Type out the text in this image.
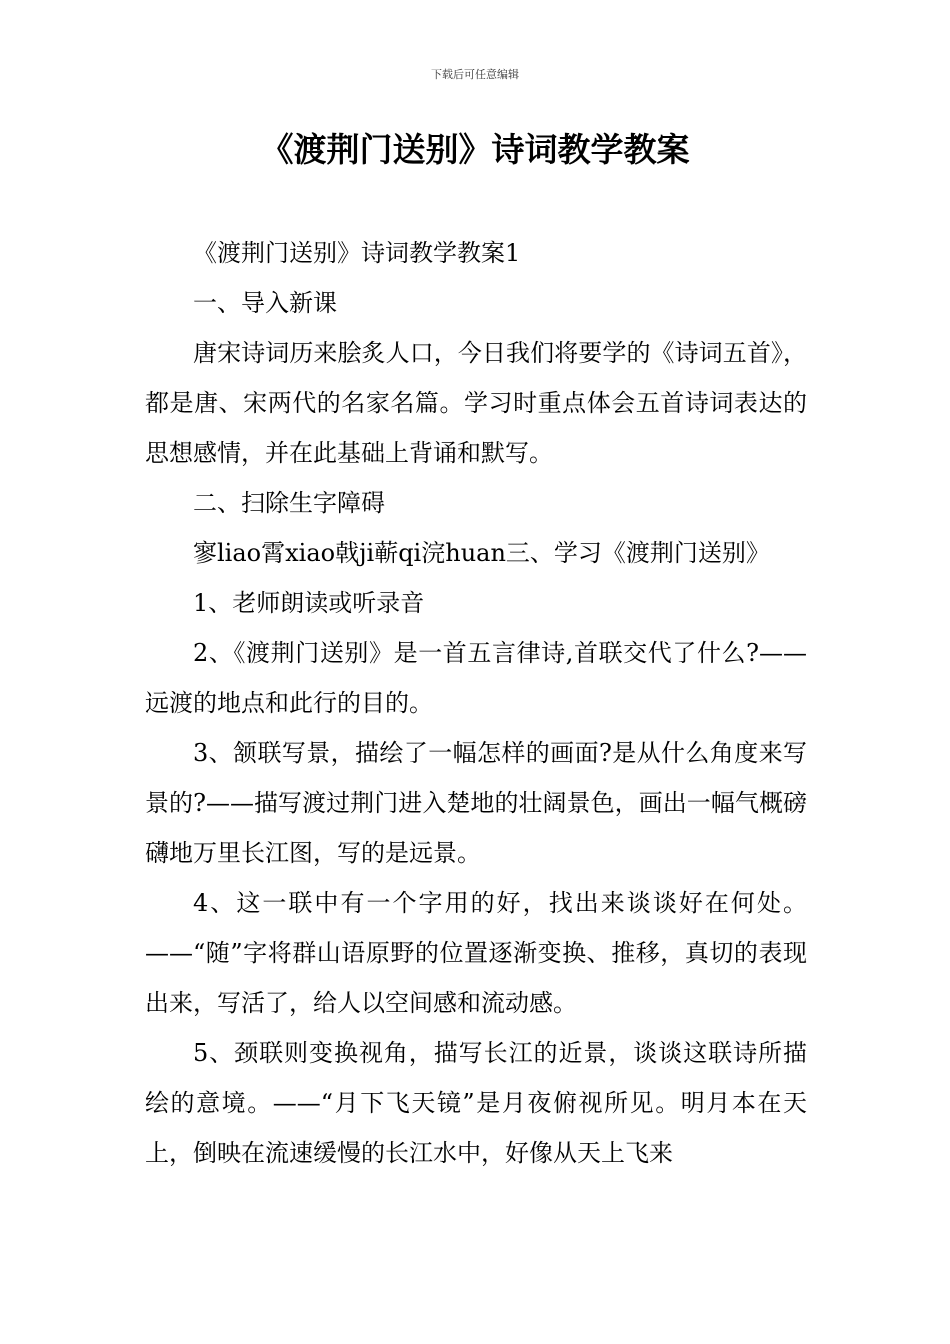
下载后可任意编辑
《渡荆门送别》诗词教学教案

《渡荆门送别》诗词教学教案1

一、导入新课

唐宋诗词历来脍炙人口，今日我们将要学的《诗词五首》，都是唐、宋两代的名家名篇。学习时重点体会五首诗词表达的思想感情，并在此基础上背诵和默写。

二、扫除生字障碍

寥liao霄xiao戟ji蕲qi浣huan三、学习《渡荆门送别》

1、老师朗读或听录音

2、《渡荆门送别》是一首五言律诗,首联交代了什么?——远渡的地点和此行的目的。

3、颔联写景，描绘了一幅怎样的画面?是从什么角度来写景的?——描写渡过荆门进入楚地的壮阔景色，画出一幅气概磅礴地万里长江图，写的是远景。

4、这一联中有一个字用的好，找出来谈谈好在何处。——“随”字将群山语原野的位置逐渐变换、推移，真切的表现出来，写活了，给人以空间感和流动感。

5、颈联则变换视角，描写长江的近景，谈谈这联诗所描绘的意境。——“月下飞天镜”是月夜俯视所见。明月本在天上，倒映在流速缓慢的长江水中，好像从天上飞来
